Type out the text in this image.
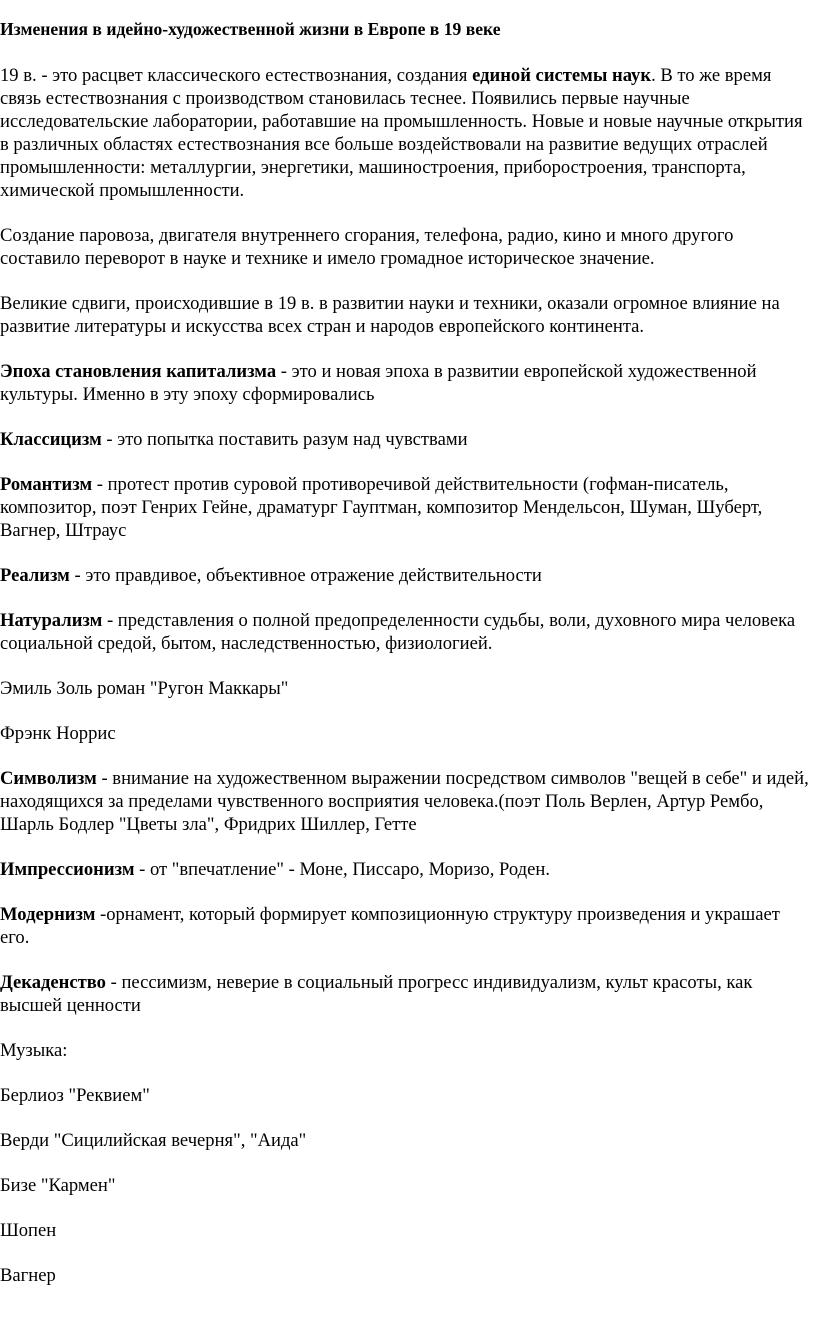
Изменения в идейно-художественной жизни в Европе в 19 веке

19 в. - это расцвет классического естествознания, создания единой системы наук. В то же время связь естествознания с производством становилась теснее. Появились первые научные исследовательские лаборатории, работавшие на промышленность. Новые и новые научные открытия в различных областях естествознания все больше воздействовали на развитие ведущих отраслей промышленности: металлургии, энергетики, машиностроения, приборостроения, транспорта, химической промышленности.

Создание паровоза, двигателя внутреннего сгорания, телефона, радио, кино и много другого составило переворот в науке и технике и имело громадное историческое значение.

Великие сдвиги, происходившие в 19 в. в развитии науки и техники, оказали огромное влияние на развитие литературы и искусства всех стран и народов европейского континента.

Эпоха становления капитализма - это и новая эпоха в развитии европейской художественной культуры. Именно в эту эпоху сформировались

Классицизм - это попытка поставить разум над чувствами

Романтизм - протест против суровой противоречивой действительности (гофман-писатель, композитор, поэт Генрих Гейне, драматург Гауптман, композитор Мендельсон, Шуман, Шуберт, Вагнер, Штраус

Реализм - это правдивое, объективное отражение действительности

Натурализм - представления о полной предопределенности судьбы, воли, духовного мира человека социальной средой, бытом, наследственностью, физиологией.

Эмиль Золь роман "Ругон Маккары"

Фрэнк Норрис

Символизм - внимание на художественном выражении посредством символов "вещей в себе" и идей, находящихся за пределами чувственного восприятия человека.(поэт Поль Верлен, Артур Рембо, Шарль Бодлер "Цветы зла", Фридрих Шиллер, Гетте

Импрессионизм - от "впечатление" - Моне, Писсаро, Моризо, Роден.

Модернизм -орнамент, который формирует композиционную структуру произведения и украшает его.

Декаденство - пессимизм, неверие в социальный прогресс индивидуализм, культ красоты, как высшей ценности

Музыка:

Берлиоз "Реквием"

Верди "Сицилийская вечерня", "Аида"

Бизе "Кармен"

Шопен

Вагнер
